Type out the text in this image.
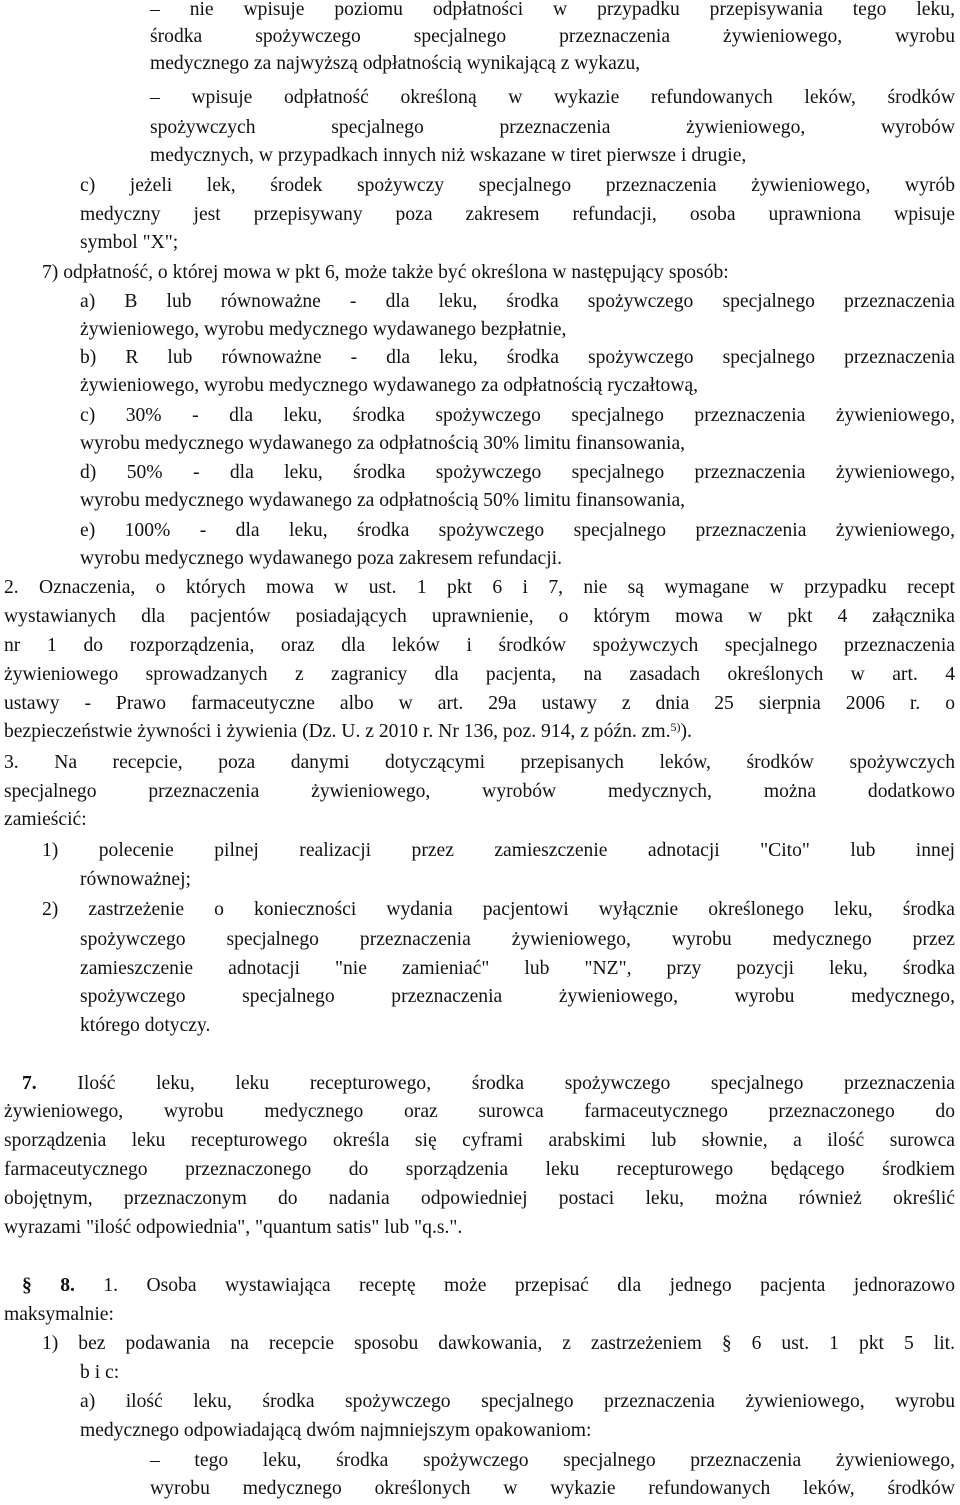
– nie wpisuje poziomu odpłatności w przypadku przepisywania tego leku,
środka spożywczego specjalnego przeznaczenia żywieniowego, wyrobu
medycznego za najwyższą odpłatnością wynikającą z wykazu,
– wpisuje odpłatność określoną w wykazie refundowanych leków, środków
spożywczych specjalnego przeznaczenia żywieniowego, wyrobów
medycznych, w przypadkach innych niż wskazane w tiret pierwsze i drugie,
c) jeżeli lek, środek spożywczy specjalnego przeznaczenia żywieniowego, wyrób
medyczny jest przepisywany poza zakresem refundacji, osoba uprawniona wpisuje
symbol "X";
7) odpłatność, o której mowa w pkt 6, może także być określona w następujący sposób:
a) B lub równoważne - dla leku, środka spożywczego specjalnego przeznaczenia
żywieniowego, wyrobu medycznego wydawanego bezpłatnie,
b) R lub równoważne - dla leku, środka spożywczego specjalnego przeznaczenia
żywieniowego, wyrobu medycznego wydawanego za odpłatnością ryczałtową,
c) 30% - dla leku, środka spożywczego specjalnego przeznaczenia żywieniowego,
wyrobu medycznego wydawanego za odpłatnością 30% limitu finansowania,
d) 50% - dla leku, środka spożywczego specjalnego przeznaczenia żywieniowego,
wyrobu medycznego wydawanego za odpłatnością 50% limitu finansowania,
e) 100% - dla leku, środka spożywczego specjalnego przeznaczenia żywieniowego,
wyrobu medycznego wydawanego poza zakresem refundacji.
2. Oznaczenia, o których mowa w ust. 1 pkt 6 i 7, nie są wymagane w przypadku recept
wystawianych dla pacjentów posiadających uprawnienie, o którym mowa w pkt 4 załącznika
nr 1 do rozporządzenia, oraz dla leków i środków spożywczych specjalnego przeznaczenia
żywieniowego sprowadzanych z zagranicy dla pacjenta, na zasadach określonych w art. 4
ustawy - Prawo farmaceutyczne albo w art. 29a ustawy z dnia 25 sierpnia 2006 r. o
bezpieczeństwie żywności i żywienia (Dz. U. z 2010 r. Nr 136, poz. 914, z późn. zm.$^{5)}$).
3. Na recepcie, poza danymi dotyczącymi przepisanych leków, środków spożywczych
specjalnego przeznaczenia żywieniowego, wyrobów medycznych, można dodatkowo
zamieścić:
1) polecenie pilnej realizacji przez zamieszczenie adnotacji "Cito" lub innej
równoważnej;
2) zastrzeżenie o konieczności wydania pacjentowi wyłącznie określonego leku, środka
spożywczego specjalnego przeznaczenia żywieniowego, wyrobu medycznego przez
zamieszczenie adnotacji "nie zamieniać" lub "NZ", przy pozycji leku, środka
spożywczego specjalnego przeznaczenia żywieniowego, wyrobu medycznego,
którego dotyczy.
7. Ilość leku, leku recepturowego, środka spożywczego specjalnego przeznaczenia
żywieniowego, wyrobu medycznego oraz surowca farmaceutycznego przeznaczonego do
sporządzenia leku recepturowego określa się cyframi arabskimi lub słownie, a ilość surowca
farmaceutycznego przeznaczonego do sporządzenia leku recepturowego będącego środkiem
obojętnym, przeznaczonym do nadania odpowiedniej postaci leku, można również określić
wyrazami "ilość odpowiednia", "quantum satis" lub "q.s.".
§ 8. 1. Osoba wystawiająca receptę może przepisać dla jednego pacjenta jednorazowo
maksymalnie:
1) bez podawania na recepcie sposobu dawkowania, z zastrzeżeniem § 6 ust. 1 pkt 5 lit.
b i c:
a) ilość leku, środka spożywczego specjalnego przeznaczenia żywieniowego, wyrobu
medycznego odpowiadającą dwóm najmniejszym opakowaniom:
– tego leku, środka spożywczego specjalnego przeznaczenia żywieniowego,
wyrobu medycznego określonych w wykazie refundowanych leków, środków
